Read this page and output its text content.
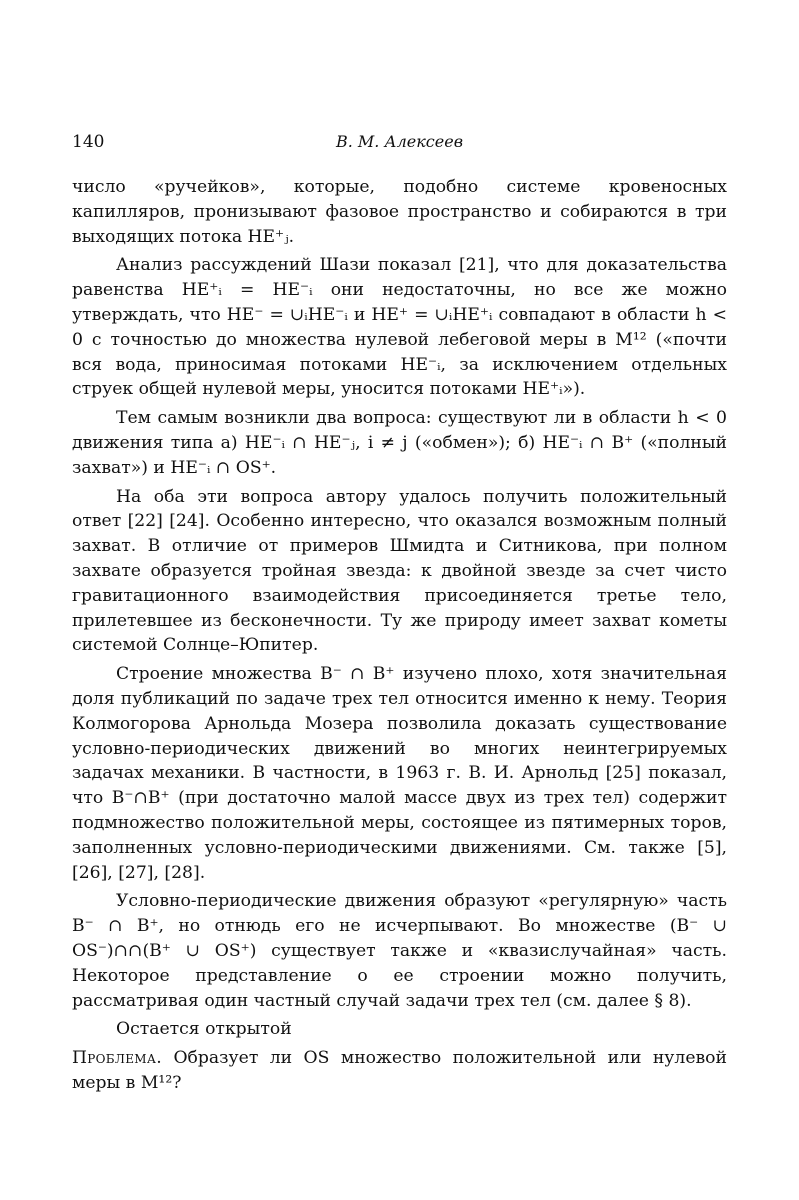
140	В. М. Алексеев

число «ручейков», которые, подобно системе кровеносных капилляров, пронизывают фазовое пространство и собираются в три выходящих потока HE⁺ⱼ.

Анализ рассуждений Шази показал [21], что для доказательства равенства HE⁺ᵢ = HE⁻ᵢ они недостаточны, но все же можно утверждать, что HE⁻ = ∪ᵢHE⁻ᵢ и HE⁺ = ∪ᵢHE⁺ᵢ совпадают в области h < 0 с точностью до множества нулевой лебеговой меры в M¹² («почти вся вода, приносимая потоками HE⁻ᵢ, за исключением отдельных струек общей нулевой меры, уносится потоками HE⁺ᵢ»).

Тем самым возникли два вопроса: существуют ли в области h < 0 движения типа а) HE⁻ᵢ ∩ HE⁻ⱼ, i ≠ j («обмен»); б) HE⁻ᵢ ∩ B⁺ («полный захват») и HE⁻ᵢ ∩ OS⁺.

На оба эти вопроса автору удалось получить положительный ответ [22] [24]. Особенно интересно, что оказался возможным полный захват. В отличие от примеров Шмидта и Ситникова, при полном захвате образуется тройная звезда: к двойной звезде за счет чисто гравитационного взаимодействия присоединяется третье тело, прилетевшее из бесконечности. Ту же природу имеет захват кометы системой Солнце–Юпитер.

Строение множества B⁻ ∩ B⁺ изучено плохо, хотя значительная доля публикаций по задаче трех тел относится именно к нему. Теория Колмогорова Арнольда Мозера позволила доказать существование условно-периодических движений во многих неинтегрируемых задачах механики. В частности, в 1963 г. В. И. Арнольд [25] показал, что B⁻∩B⁺ (при достаточно малой массе двух из трех тел) содержит подмножество положительной меры, состоящее из пятимерных торов, заполненных условно-периодическими движениями. См. также [5], [26], [27], [28].

Условно-периодические движения образуют «регулярную» часть B⁻ ∩ B⁺, но отнюдь его не исчерпывают. Во множестве (B⁻ ∪ OS⁻)∩∩(B⁺ ∪ OS⁺) существует также и «квазислучайная» часть. Некоторое представление о ее строении можно получить, рассматривая один частный случай задачи трех тел (см. далее § 8).

Остается открытой

Проблема. Образует ли OS множество положительной или нулевой меры в M¹²?
